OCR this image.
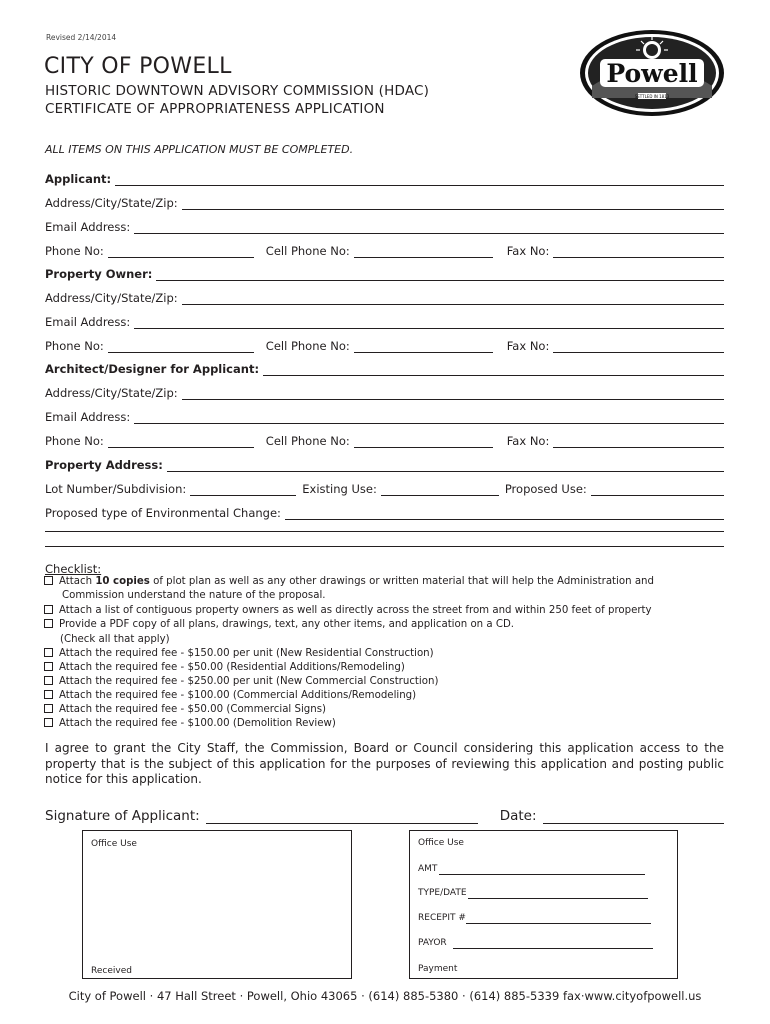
Revised 2/14/2014
CITY OF POWELL
HISTORIC DOWNTOWN ADVISORY COMMISSION (HDAC)
CERTIFICATE OF APPROPRIATENESS APPLICATION
Powell
SETTLED IN 1813
ALL ITEMS ON THIS APPLICATION MUST BE COMPLETED.
Applicant:
Address/City/State/Zip:
Email Address:
Phone No:	Cell Phone No:	Fax No:
Property Owner:
Address/City/State/Zip:
Email Address:
Phone No:	Cell Phone No:	Fax No:
Architect/Designer for Applicant:
Address/City/State/Zip:
Email Address:
Phone No:	Cell Phone No:	Fax No:
Property Address:
Lot Number/Subdivision:	Existing Use:	Proposed Use:
Proposed type of Environmental Change:
Checklist:
Attach 10 copies of plot plan as well as any other drawings or written material that will help the Administration and
Commission understand the nature of the proposal.
Attach a list of contiguous property owners as well as directly across the street from and within 250 feet of property
Provide a PDF copy of all plans, drawings, text, any other items, and application on a CD.
(Check all that apply)
Attach the required fee - $150.00 per unit (New Residential Construction)
Attach the required fee - $50.00 (Residential Additions/Remodeling)
Attach the required fee - $250.00 per unit (New Commercial Construction)
Attach the required fee - $100.00 (Commercial Additions/Remodeling)
Attach the required fee - $50.00 (Commercial Signs)
Attach the required fee - $100.00 (Demolition Review)
I agree to grant the City Staff, the Commission, Board or Council considering this application access to the property that is the subject of this application for the purposes of reviewing this application and posting public notice for this application.
Signature of Applicant:	Date:
Office Use
Received
Office Use
AMT
TYPE/DATE
RECEPIT #
PAYOR
Payment
City of Powell · 47 Hall Street · Powell, Ohio 43065 · (614) 885-5380 · (614) 885-5339 fax·www.cityofpowell.us
